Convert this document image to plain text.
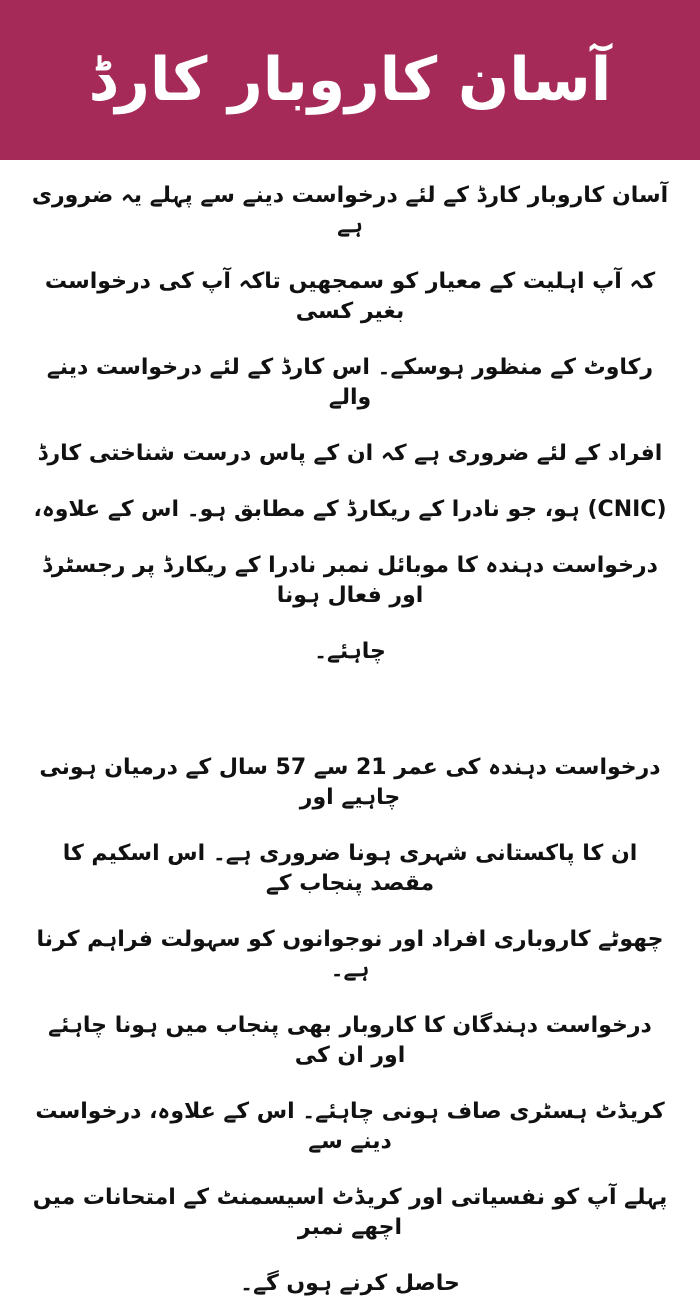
آسان کاروبار کارڈ
آسان کاروبار کارڈ کے لئے درخواست دینے سے پہلے یہ ضروری ہے
کہ آپ اہلیت کے معیار کو سمجھیں تاکہ آپ کی درخواست بغیر کسی
رکاوٹ کے منظور ہوسکے۔ اس کارڈ کے لئے درخواست دینے والے
افراد کے لئے ضروری ہے کہ ان کے پاس درست شناختی کارڈ
(CNIC) ہو، جو نادرا کے ریکارڈ کے مطابق ہو۔ اس کے علاوہ،
درخواست دہندہ کا موبائل نمبر نادرا کے ریکارڈ پر رجسٹرڈ اور فعال ہونا
چاہئے۔
درخواست دہندہ کی عمر 21 سے 57 سال کے درمیان ہونی چاہیے اور
ان کا پاکستانی شہری ہونا ضروری ہے۔ اس اسکیم کا مقصد پنجاب کے
چھوٹے کاروباری افراد اور نوجوانوں کو سہولت فراہم کرنا ہے۔
درخواست دہندگان کا کاروبار بھی پنجاب میں ہونا چاہئے اور ان کی
کریڈٹ ہسٹری صاف ہونی چاہئے۔ اس کے علاوہ، درخواست دینے سے
پہلے آپ کو نفسیاتی اور کریڈٹ اسیسمنٹ کے امتحانات میں اچھے نمبر
حاصل کرنے ہوں گے۔
